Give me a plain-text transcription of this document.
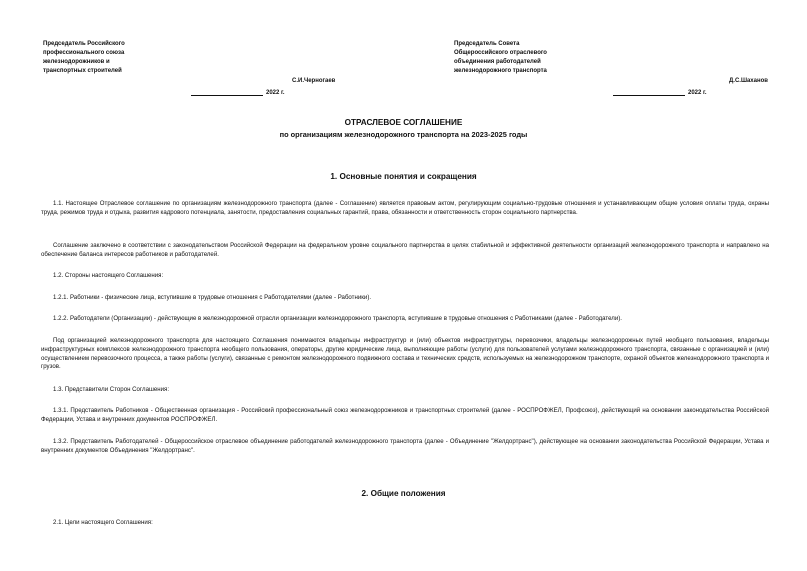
Председатель Российского
профессионального союза
железнодорожников и
транспортных строителей
Председатель Совета
Общероссийского отраслевого
объединения работодателей
железнодорожного транспорта
С.И.Черногаев	Д.С.Шаханов
2022 г.	2022 г.
ОТРАСЛЕВОЕ СОГЛАШЕНИЕ
по организациям железнодорожного транспорта на 2023-2025 годы
1. Основные понятия и сокращения

1.1. Настоящее Отраслевое соглашение по организациям железнодорожного транспорта (далее - Соглашение) является правовым актом, регулирующим социально-трудовые отношения и устанавливающим общие условия оплаты труда, охраны труда, режимов труда и отдыха, развития кадрового потенциала, занятости, предоставления социальных гарантий, права, обязанности и ответственность сторон социального партнерства.

Соглашение заключено в соответствии с законодательством Российской Федерации на федеральном уровне социального партнерства в целях стабильной и эффективной деятельности организаций железнодорожного транспорта и направлено на обеспечение баланса интересов работников и работодателей.

1.2. Стороны настоящего Соглашения:

1.2.1. Работники - физические лица, вступившие в трудовые отношения с Работодателями (далее - Работники).

1.2.2. Работодатели (Организации) - действующие в железнодорожной отрасли организации железнодорожного транспорта, вступившие в трудовые отношения с Работниками (далее - Работодатели).

Под организацией железнодорожного транспорта для настоящего Соглашения понимаются владельцы инфраструктур и (или) объектов инфраструктуры, перевозчики, владельцы железнодорожных путей необщего пользования, владельцы инфраструктурных комплексов железнодорожного транспорта необщего пользования, операторы, другие юридические лица, выполняющие работы (услуги) для пользователей услугами железнодорожного транспорта, связанные с организацией и (или) осуществлением перевозочного процесса, а также работы (услуги), связанные с ремонтом железнодорожного подвижного состава и технических средств, используемых на железнодорожном транспорте, охраной объектов железнодорожного транспорта и грузов.

1.3. Представители Сторон Соглашения:

1.3.1. Представитель Работников - Общественная организация - Российский профессиональный союз железнодорожников и транспортных строителей (далее - РОСПРОФЖЕЛ, Профсоюз), действующий на основании законодательства Российской Федерации, Устава и внутренних документов РОСПРОФЖЕЛ.

1.3.2. Представитель Работодателей - Общероссийское отраслевое объединение работодателей железнодорожного транспорта (далее - Объединение "Желдортранс"), действующее на основании законодательства Российской Федерации, Устава и внутренних документов Объединения "Желдортранс".

2. Общие положения

2.1. Цели настоящего Соглашения:
